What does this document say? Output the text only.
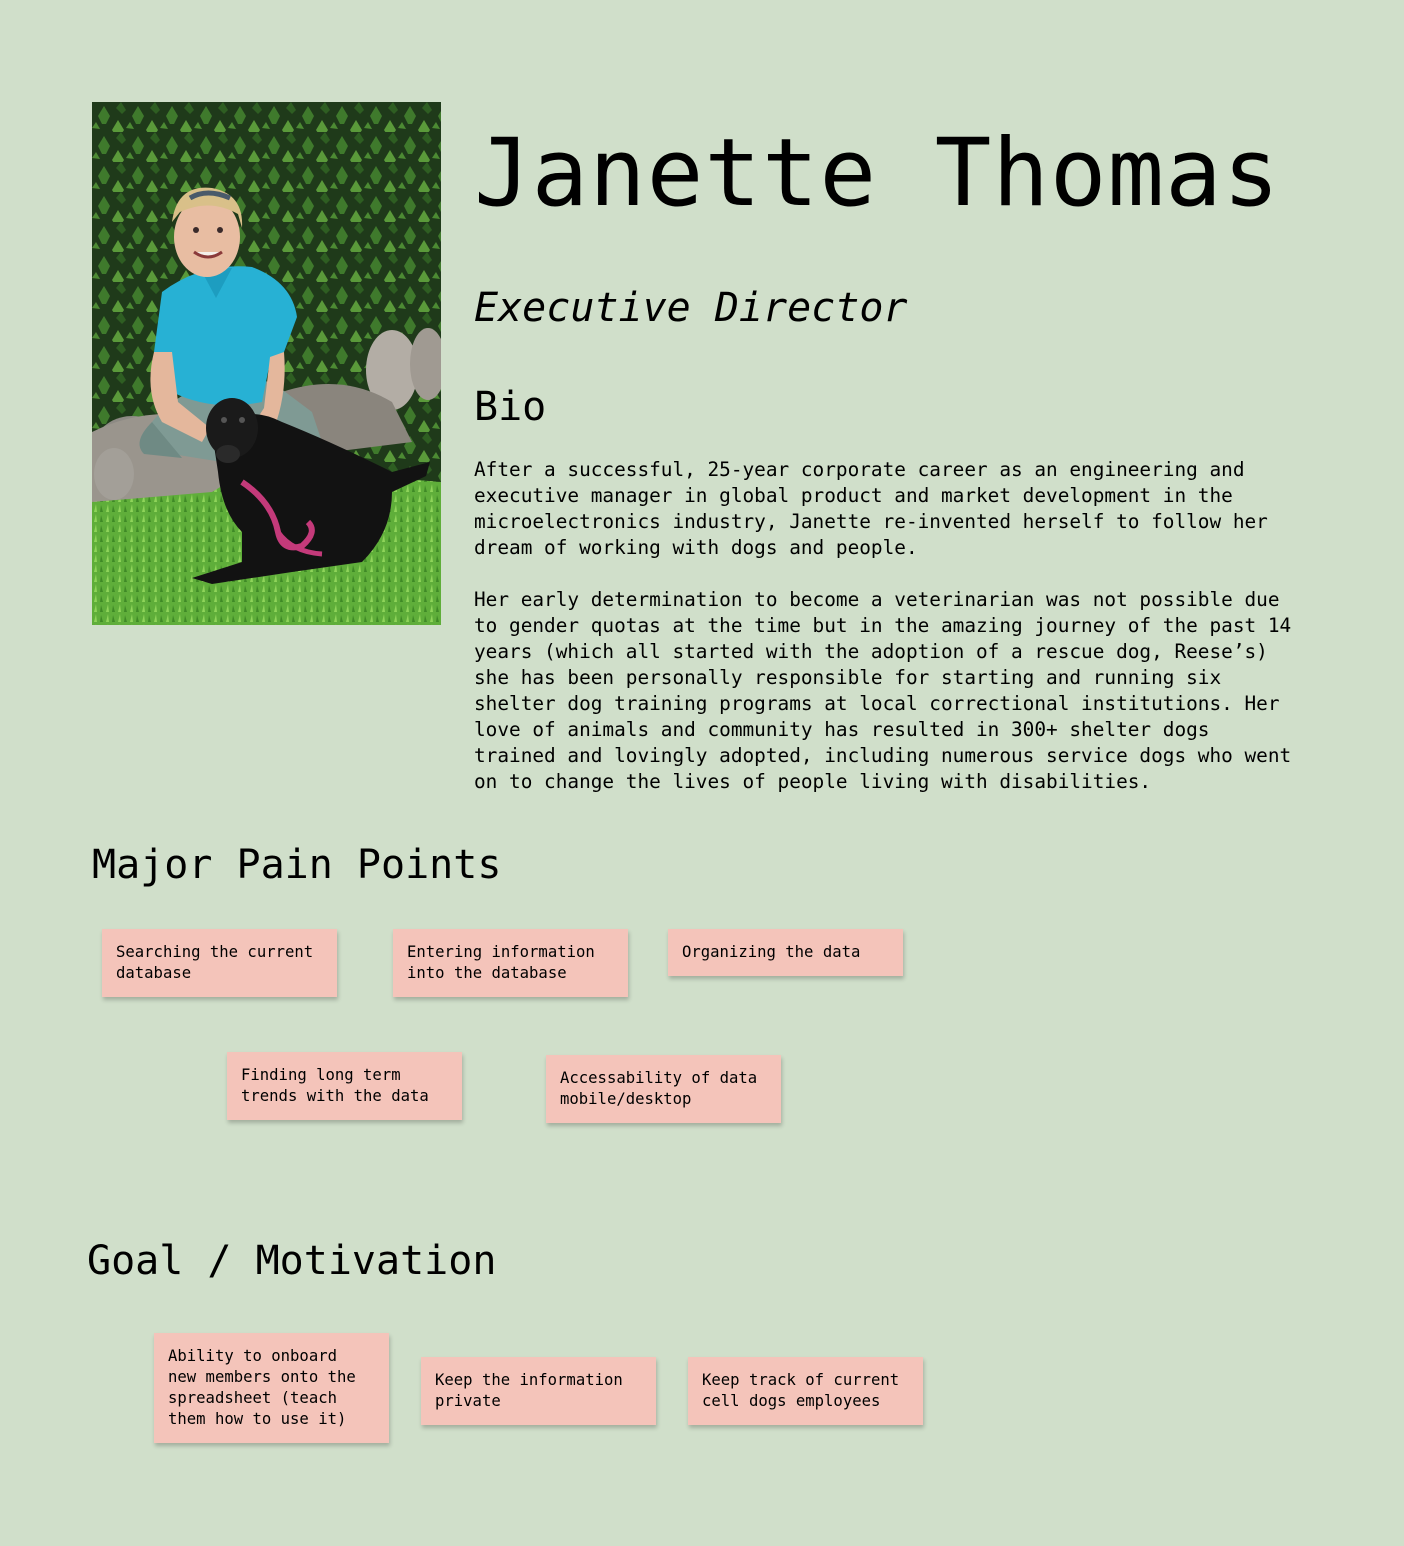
Janette Thomas
Executive Director
Bio

After a successful, 25-year corporate career as an engineering and
executive manager in global product and market development in the
microelectronics industry, Janette re-invented herself to follow her
dream of working with dogs and people.

Her early determination to become a veterinarian was not possible due
to gender quotas at the time but in the amazing journey of the past 14
years (which all started with the adoption of a rescue dog, Reese’s)
she has been personally responsible for starting and running six
shelter dog training programs at local correctional institutions. Her
love of animals and community has resulted in 300+ shelter dogs
trained and lovingly adopted, including numerous service dogs who went
on to change the lives of people living with disabilities.

Major Pain Points
Searching the current
database
Entering information
into the database
Organizing the data
Finding long term
trends with the data
Accessability of data
mobile/desktop
Goal / Motivation
Ability to onboard
new members onto the
spreadsheet (teach
them how to use it)
Keep the information
private
Keep track of current
cell dogs employees
